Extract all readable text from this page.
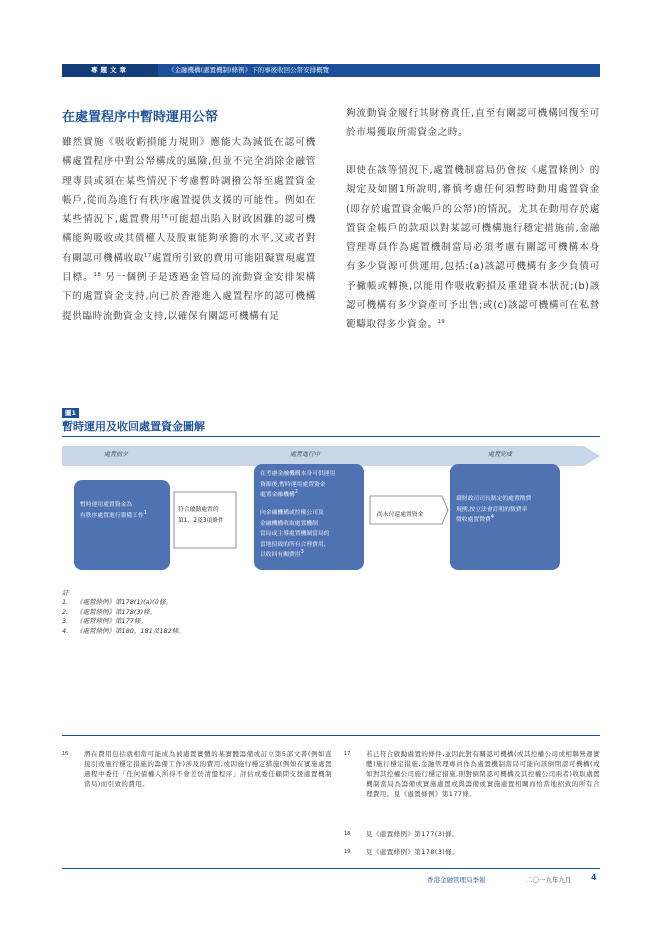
專題文章	《金融機構(處置機制)條例》下的事後收回公帑安排概覽
在處置程序中暫時運用公帑

雖然實施《吸收虧損能力規則》應能大為減低在認可機構處置程序中對公帑構成的風險,但並不完全消除金融管理專員或須在某些情況下考慮暫時調撥公帑至處置資金帳戶,從而為進行有秩序處置提供支援的可能性。例如在某些情況下,處置費用$^{16}$可能超出陷入財政困難的認可機構能夠吸收或其債權人及股東能夠承擔的水平,又或者對有關認可機構收取$^{17}$處置所引致的費用可能阻礙實現處置目標。$^{18}$ 另一個例子是透過金管局的流動資金安排架構下的處置資金支持,向已於香港進入處置程序的認可機構提供臨時流動資金支持,以確保有關認可機構有足

夠流動資金履行其財務責任,直至有關認可機構回復至可於市場獲取所需資金之時。

即使在該等情況下,處置機制當局仍會按《處置條例》的規定及如圖1所說明,審慎考慮任何須暫時動用處置資金(即存於處置資金帳戶的公帑)的情況。尤其在動用存於處置資金帳戶的款項以對某認可機構施行穩定措施前,金融管理專員作為處置機制當局必須考慮有關認可機構本身有多少資源可供運用,包括:(a)該認可機構有多少負債可予撇帳或轉換,以能用作吸收虧損及重建資本狀況;(b)該認可機構有多少資產可予出售;或(c)該認可機構可在私營範疇取得多少資金。$^{19}$

圖1
暫時運用及收回處置資金圖解
處置前夕	處置進行中	處置完成
暫時運用處置資金為
有秩序處置進行籌備工作$^1$	符合啟動處置的
第1、2及3項條件
在考慮金融機構本身可供運用
資源後,暫時運用處置資金
處置金融機構$^2$
向金融機構或控權公司及
金融機構收取處置機制
當局或主導處置機制當局的
當地招致的所有合理費用,
以收回有關費用$^3$
尚未付還處置資金
藉財政司司長制定的處置徵費
規例,按立法會訂明的徵費率
徵收處置徵費$^4$
註
1.	《處置條例》第178(1)(a)(i)條。
2.	《處置條例》第178(3)條。
3.	《處置條例》第177條。
4.	《處置條例》第180、181及182條。
16	潛在費用包括就相當可能成為被處置實體的某實體籌備或訂立第5部文書(例如直接引致施行穩定措施的籌備工作)涉及的費用;或因施行穩定措施(例如在實施處置過程中委任「任何債權人所得不會差於清盤程序」評估或委任顧問支援處置機制當局)而引致的費用。
17	若已符合啟動處置的條件,並因此對有關認可機構(或其控權公司或相聯營運實體)施行穩定措施,金融管理專員作為處置機制當局可能向該倒閉認可機構(或如對其控權公司施行穩定措施,則對倒閉認可機構及其控權公司兩者)收取處置機制當局為籌備或實施處置或與籌備或實施處置相關而恰當地招致的所有合理費用。見《處置條例》第177條。
18	見《處置條例》第177(3)條。
19	見《處置條例》第178(3)條。
香港金融管理局季報	二〇一九年九月 4
